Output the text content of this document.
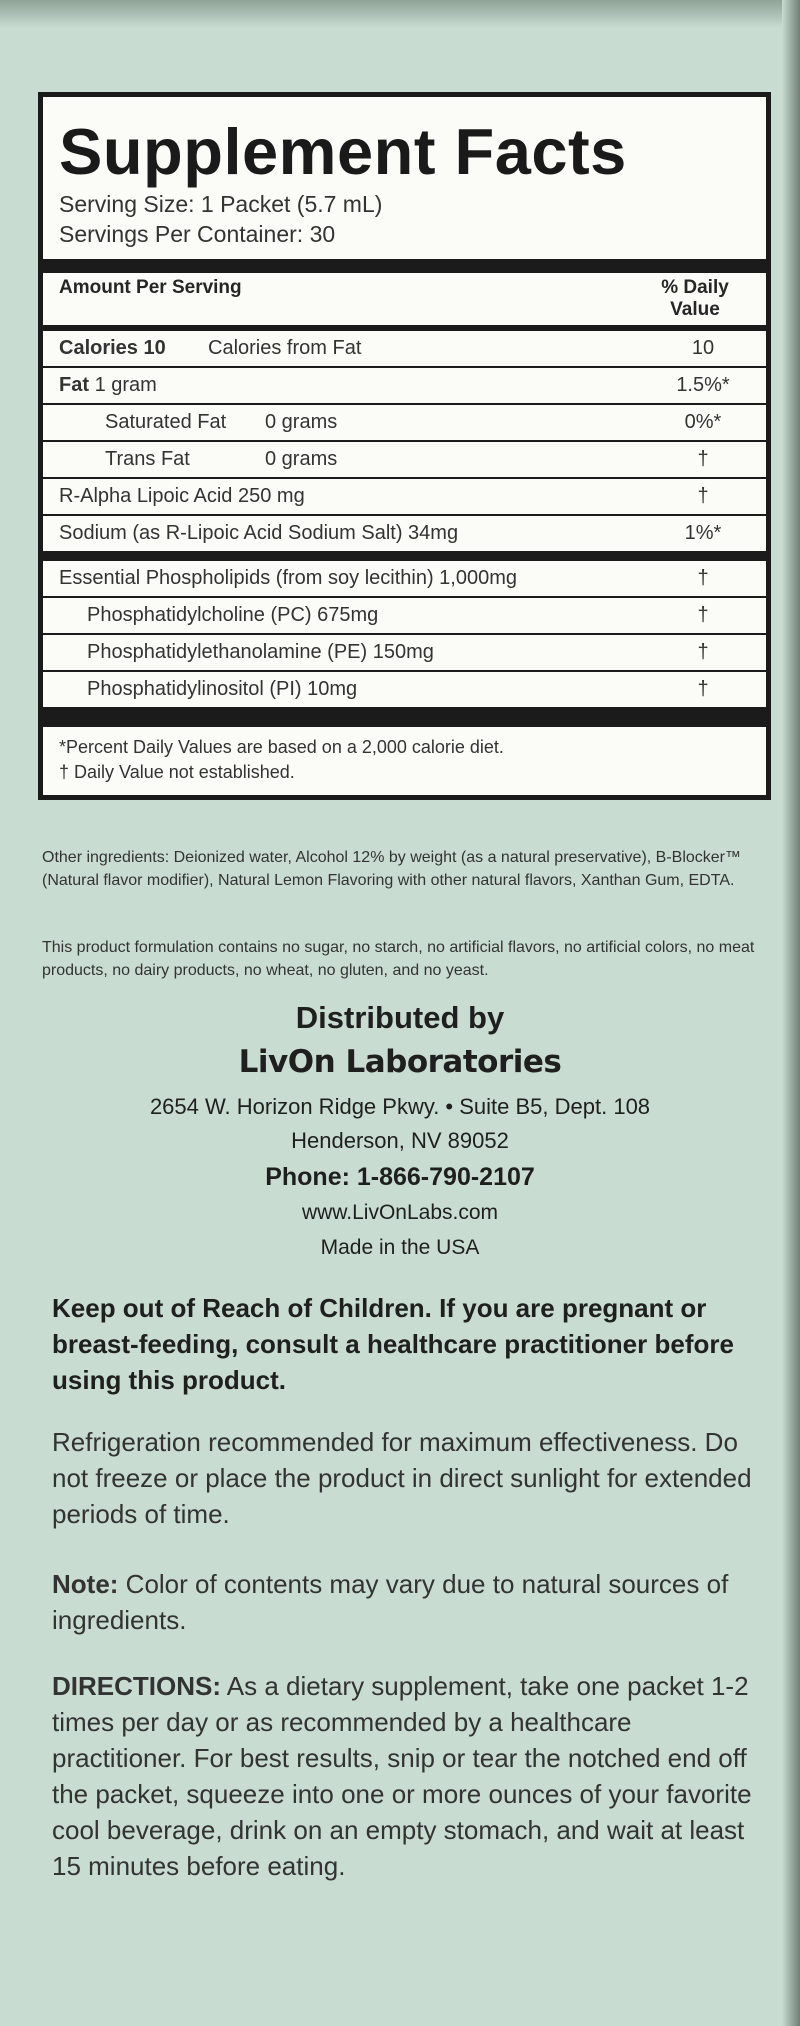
Supplement Facts
Serving Size: 1 Packet (5.7 mL)
Servings Per Container: 30
Amount Per Serving	% Daily Value
Calories 10 Calories from Fat	10
Fat 1 gram	1.5%*
Saturated Fat 0 grams	0%*
Trans Fat	0 grams	†
R-Alpha Lipoic Acid 250 mg	†
Sodium (as R-Lipoic Acid Sodium Salt) 34mg	1%*
Essential Phospholipids (from soy lecithin) 1,000mg	†
Phosphatidylcholine (PC) 675mg	†
Phosphatidylethanolamine (PE) 150mg	†
Phosphatidylinositol (PI) 10mg	†
*Percent Daily Values are based on a 2,000 calorie diet.
† Daily Value not established.
Other ingredients: Deionized water, Alcohol 12% by weight (as a natural preservative), B-Blocker™ (Natural flavor modifier), Natural Lemon Flavoring with other natural flavors, Xanthan Gum, EDTA.
This product formulation contains no sugar, no starch, no artificial flavors, no artificial colors, no meat products, no dairy products, no wheat, no gluten, and no yeast.
Distributed by
LivOn Laboratories
2654 W. Horizon Ridge Pkwy. • Suite B5, Dept. 108
Henderson, NV 89052
Phone: 1-866-790-2107
www.LivOnLabs.com
Made in the USA
Keep out of Reach of Children. If you are pregnant or breast-feeding, consult a healthcare practitioner before using this product.
Refrigeration recommended for maximum effectiveness. Do not freeze or place the product in direct sunlight for extended periods of time.
Note: Color of contents may vary due to natural sources of ingredients.
DIRECTIONS: As a dietary supplement, take one packet 1-2 times per day or as recommended by a healthcare practitioner. For best results, snip or tear the notched end off the packet, squeeze into one or more ounces of your favorite cool beverage, drink on an empty stomach, and wait at least 15 minutes before eating.
